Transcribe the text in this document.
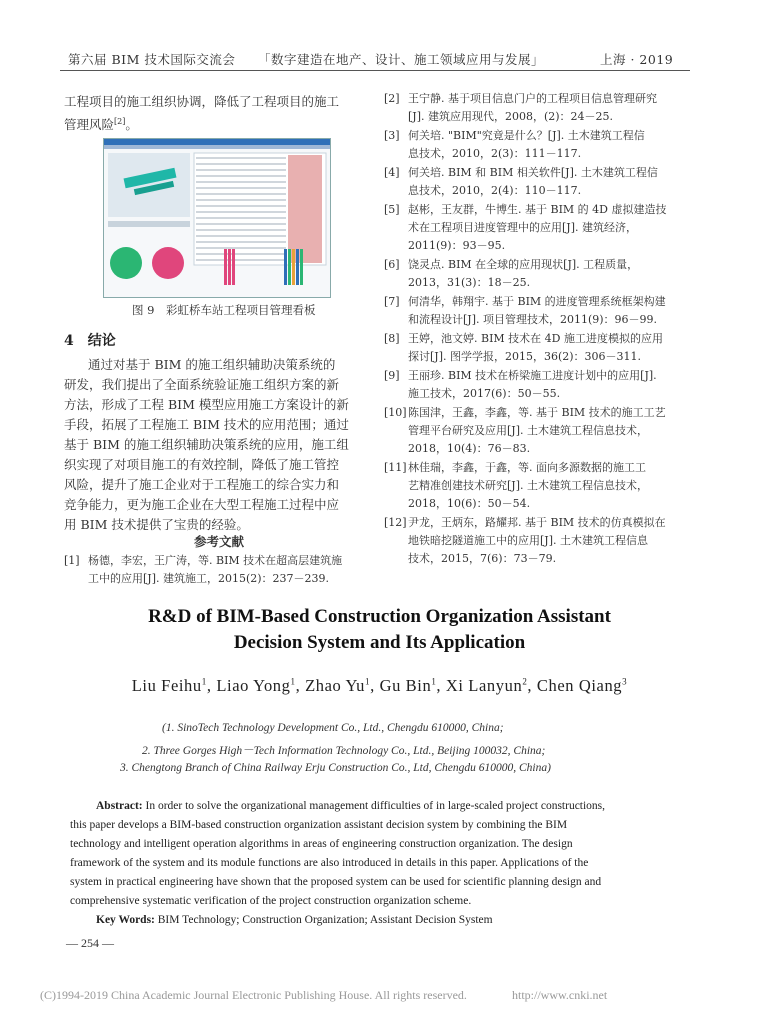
第六届 BIM 技术国际交流会 「数字建造在地产、设计、施工领域应用与发展」	上海 · 2019
工程项目的施工组织协调，降低了工程项目的施工
管理风险[2]。
图 9　彩虹桥车站工程项目管理看板
4　结论
通过对基于 BIM 的施工组织辅助决策系统的
研发，我们提出了全面系统验证施工组织方案的新
方法，形成了工程 BIM 模型应用施工方案设计的新
手段，拓展了工程施工 BIM 技术的应用范围；通过
基于 BIM 的施工组织辅助决策系统的应用，施工组
织实现了对项目施工的有效控制，降低了施工管控
风险，提升了施工企业对于工程施工的综合实力和
竞争能力，更为施工企业在大型工程施工过程中应
用 BIM 技术提供了宝贵的经验。
参考文献
[1] 杨德，李宏，王广涛，等. BIM 技术在超高层建筑施
工中的应用[J]. 建筑施工，2015(2)：237－239.
[2] 王宁静. 基于项目信息门户的工程项目信息管理研究
[J]. 建筑应用现代，2008，(2)：24－25.
[3] 何关培. "BIM"究竟是什么？[J]. 土木建筑工程信
息技术，2010，2(3)：111－117.
[4] 何关培. BIM 和 BIM 相关软件[J]. 土木建筑工程信
息技术，2010，2(4)：110－117.
[5] 赵彬，王友群，牛博生. 基于 BIM 的 4D 虚拟建造技
术在工程项目进度管理中的应用[J]. 建筑经济，
2011(9)：93－95.
[6] 饶灵点. BIM 在全球的应用现状[J]. 工程质量，
2013，31(3)：18－25.
[7] 何清华，韩翔宇. 基于 BIM 的进度管理系统框架构建
和流程设计[J]. 项目管理技术，2011(9)：96－99.
[8] 王婷，池文婷. BIM 技术在 4D 施工进度模拟的应用
探讨[J]. 图学学报，2015，36(2)：306－311.
[9] 王丽珍. BIM 技术在桥梁施工进度计划中的应用[J].
施工技术，2017(6)：50－55.
[10] 陈国津，王鑫，李鑫，等. 基于 BIM 技术的施工工艺
管理平台研究及应用[J]. 土木建筑工程信息技术，
2018，10(4)：76－83.
[11] 林佳瑞，李鑫，于鑫，等. 面向多源数据的施工工
艺精准创建技术研究[J]. 土木建筑工程信息技术，
2018，10(6)：50－54.
[12] 尹龙，王炳东，路耀邦. 基于 BIM 技术的仿真模拟在
地铁暗挖隧道施工中的应用[J]. 土木建筑工程信息
技术，2015，7(6)：73－79.
R&D of BIM-Based Construction Organization Assistant
Decision System and Its Application
Liu Feihu$^1$, Liao Yong$^1$, Zhao Yu$^1$, Gu Bin$^1$, Xi Lanyun$^2$, Chen Qiang$^3$
(1. SinoTech Technology Development Co., Ltd., Chengdu 610000, China;
2. Three Gorges High－Tech Information Technology Co., Ltd., Beijing 100032, China;
3. Chengtong Branch of China Railway Erju Construction Co., Ltd, Chengdu 610000, China)
Abstract: In order to solve the organizational management difficulties of in large-scaled project constructions,
this paper develops a BIM-based construction organization assistant decision system by combining the BIM
technology and intelligent operation algorithms in areas of engineering construction organization. The design
framework of the system and its module functions are also introduced in details in this paper. Applications of the
system in practical engineering have shown that the proposed system can be used for scientific planning design and
comprehensive systematic verification of the project construction organization scheme.
Key Words: BIM Technology; Construction Organization; Assistant Decision System
— 254 —
(C)1994-2019 China Academic Journal Electronic Publishing House. All rights reserved.	http://www.cnki.net
